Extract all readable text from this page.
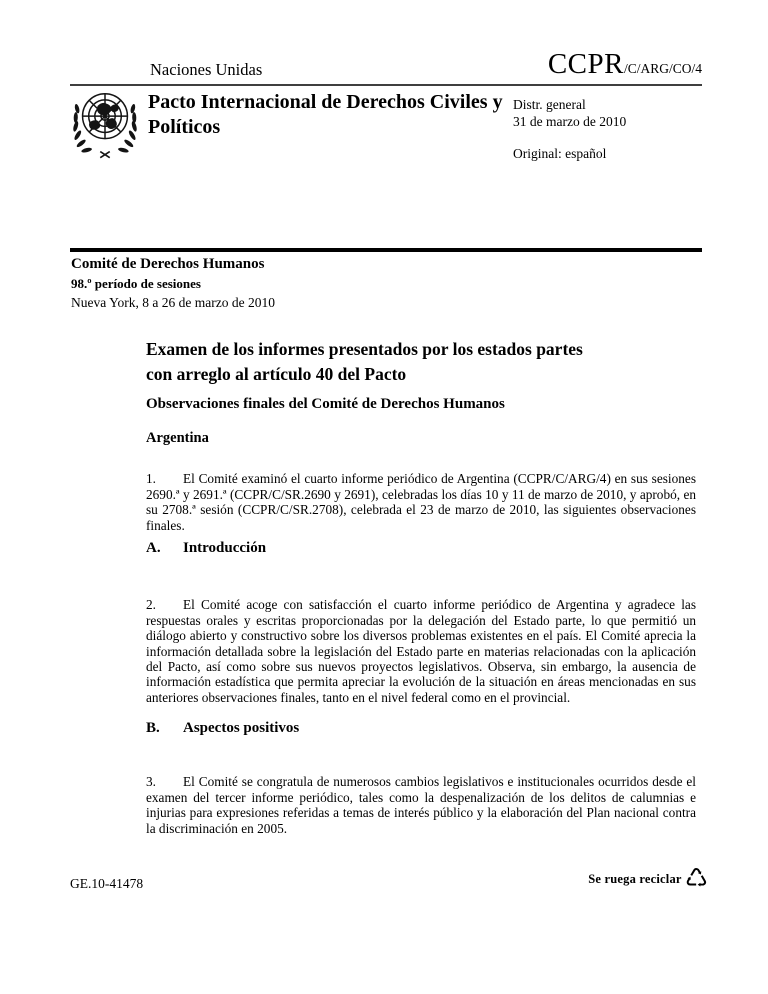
Naciones Unidas	CCPR /C/ARG/CO/4
Pacto Internacional de Derechos Civiles y Políticos
Distr. general
31 de marzo de 2010
Original: español
Comité de Derechos Humanos
98.º período de sesiones
Nueva York, 8 a 26 de marzo de 2010
Examen de los informes presentados por los estados partes con arreglo al artículo 40 del Pacto
Observaciones finales del Comité de Derechos Humanos
Argentina

1. El Comité examinó el cuarto informe periódico de Argentina (CCPR/C/ARG/4) en sus sesiones 2690.ª y 2691.ª (CCPR/C/SR.2690 y 2691), celebradas los días 10 y 11 de marzo de 2010, y aprobó, en su 2708.ª sesión (CCPR/C/SR.2708), celebrada el 23 de marzo de 2010, las siguientes observaciones finales.

A. Introducción

2. El Comité acoge con satisfacción el cuarto informe periódico de Argentina y agradece las respuestas orales y escritas proporcionadas por la delegación del Estado parte, lo que permitió un diálogo abierto y constructivo sobre los diversos problemas existentes en el país. El Comité aprecia la información detallada sobre la legislación del Estado parte en materias relacionadas con la aplicación del Pacto, así como sobre sus nuevos proyectos legislativos. Observa, sin embargo, la ausencia de información estadística que permita apreciar la evolución de la situación en áreas mencionadas en sus anteriores observaciones finales, tanto en el nivel federal como en el provincial.

B. Aspectos positivos

3. El Comité se congratula de numerosos cambios legislativos e institucionales ocurridos desde el examen del tercer informe periódico, tales como la despenalización de los delitos de calumnias e injurias para expresiones referidas a temas de interés público y la elaboración del Plan nacional contra la discriminación en 2005.

GE.10-41478	Se ruega reciclar ♺
